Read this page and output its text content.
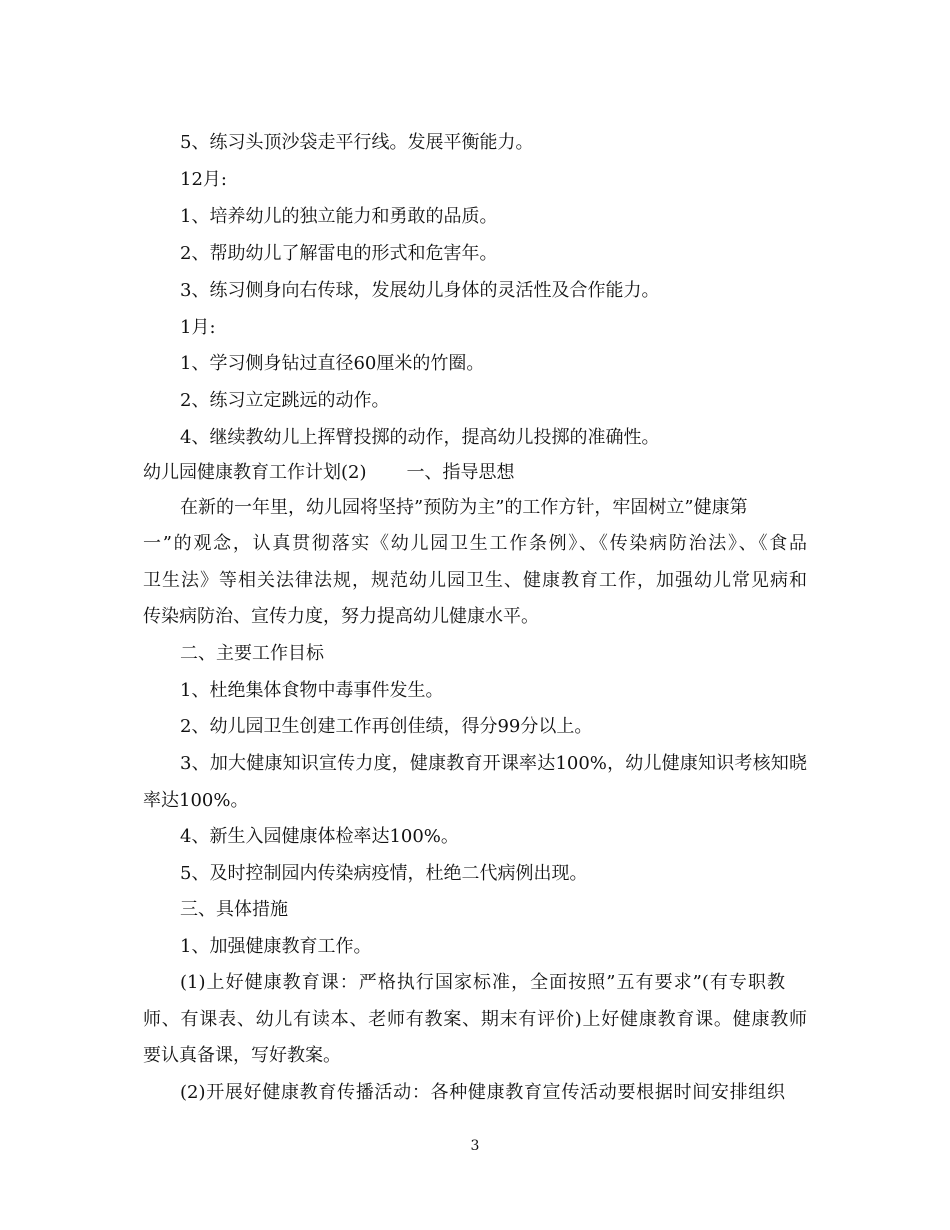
5、练习头顶沙袋走平行线。发展平衡能力。
12月:
1、培养幼儿的独立能力和勇敢的品质。
2、帮助幼儿了解雷电的形式和危害年。
3、练习侧身向右传球，发展幼儿身体的灵活性及合作能力。
1月:
1、学习侧身钻过直径60厘米的竹圈。
2、练习立定跳远的动作。
4、继续教幼儿上挥臂投掷的动作，提高幼儿投掷的准确性。
幼儿园健康教育工作计划(2)       一、指导思想
在新的一年里，幼儿园将坚持”预防为主”的工作方针，牢固树立”健康第
一”的观念，认真贯彻落实《幼儿园卫生工作条例》、《传染病防治法》、《食品
卫生法》等相关法律法规，规范幼儿园卫生、健康教育工作，加强幼儿常见病和
传染病防治、宣传力度，努力提高幼儿健康水平。
二、主要工作目标
1、杜绝集体食物中毒事件发生。
2、幼儿园卫生创建工作再创佳绩，得分99分以上。
3、加大健康知识宣传力度，健康教育开课率达100%，幼儿健康知识考核知晓
率达100%。
4、新生入园健康体检率达100%。
5、及时控制园内传染病疫情，杜绝二代病例出现。
三、具体措施
1、加强健康教育工作。
(1)上好健康教育课：严格执行国家标准，全面按照”五有要求”(有专职教
师、有课表、幼儿有读本、老师有教案、期末有评价)上好健康教育课。健康教师
要认真备课，写好教案。
(2)开展好健康教育传播活动：各种健康教育宣传活动要根据时间安排组织
3
